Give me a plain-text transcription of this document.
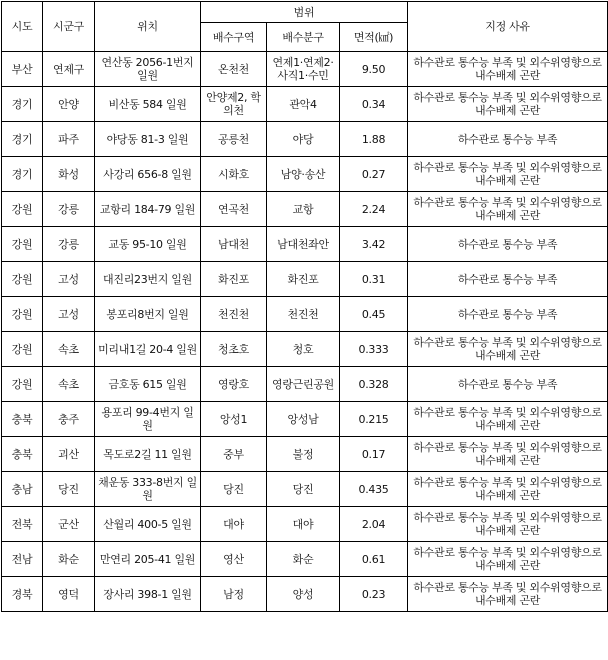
시도	시군구	위치	범위			지정 사유
			배수구역	배수분구	면적(㎢)	
부산	연제구	연산동 2056-1번지 일원	온천천	연제1·연제2· 사직1·수민	9.50	하수관로 통수능 부족 및 외수위영향으로 내수배제 곤란
경기	안양	비산동 584 일원	안양제2, 학의천	관악4	0.34	하수관로 통수능 부족 및 외수위영향으로 내수배제 곤란
경기	파주	야당동 81-3 일원	공릉천	야당	1.88	하수관로 통수능 부족
경기	화성	사강리 656-8 일원	시화호	남양·송산	0.27	하수관로 통수능 부족 및 외수위영향으로 내수배제 곤란
강원	강릉	교항리 184-79 일원	연곡천	교항	2.24	하수관로 통수능 부족 및 외수위영향으로 내수배제 곤란
강원	강릉	교동 95-10 일원	남대천	남대천좌안	3.42	하수관로 통수능 부족
강원	고성	대진리23번지 일원	화진포	화진포	0.31	하수관로 통수능 부족
강원	고성	봉포리8번지 일원	천진천	천진천	0.45	하수관로 통수능 부족
강원	속초	미리내1길 20-4 일원	청초호	청호	0.333	하수관로 통수능 부족 및 외수위영향으로 내수배제 곤란
강원	속초	금호동 615 일원	영랑호	영랑근린공원	0.328	하수관로 통수능 부족
충북	충주	용포리 99-4번지 일원	앙성1	앙성남	0.215	하수관로 통수능 부족 및 외수위영향으로 내수배제 곤란
충북	괴산	목도로2길 11 일원	중부	불정	0.17	하수관로 통수능 부족 및 외수위영향으로 내수배제 곤란
충남	당진	채운동 333-8번지 일원	당진	당진	0.435	하수관로 통수능 부족 및 외수위영향으로 내수배제 곤란
전북	군산	산월리 400-5 일원	대야	대야	2.04	하수관로 통수능 부족 및 외수위영향으로 내수배제 곤란
전남	화순	만연리 205-41 일원	영산	화순	0.61	하수관로 통수능 부족 및 외수위영향으로 내수배제 곤란
경북	영덕	장사리 398-1 일원	남정	양성	0.23	하수관로 통수능 부족 및 외수위영향으로 내수배제 곤란
